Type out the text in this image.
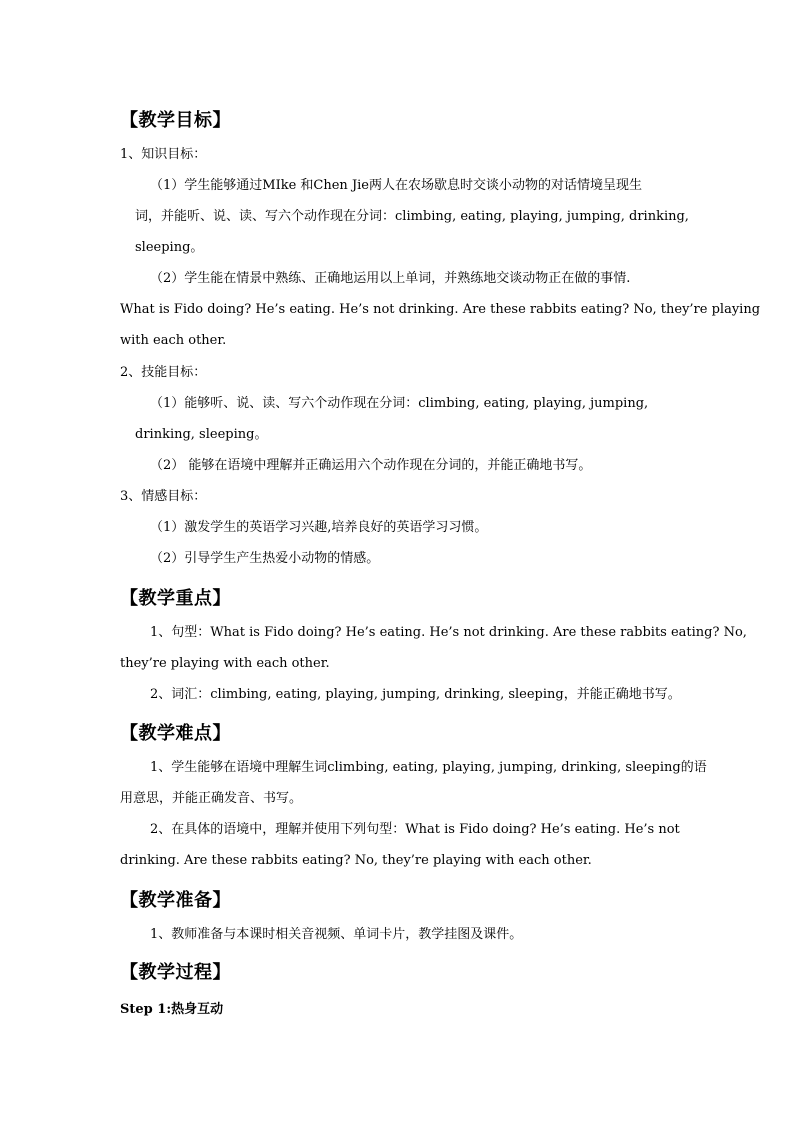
【教学目标】
1、知识目标：
（1）学生能够通过MIke 和Chen Jie两人在农场歇息时交谈小动物的对话情境呈现生
词，并能听、说、读、写六个动作现在分词：climbing, eating, playing, jumping, drinking,
sleeping。
（2）学生能在情景中熟练、正确地运用以上单词，并熟练地交谈动物正在做的事情.
What is Fido doing? He’s eating. He’s not drinking. Are these rabbits eating? No, they’re playing
with each other.
2、技能目标：
（1）能够听、说、读、写六个动作现在分词：climbing, eating, playing, jumping,
drinking, sleeping。
（2） 能够在语境中理解并正确运用六个动作现在分词的，并能正确地书写。
3、情感目标：
（1）激发学生的英语学习兴趣,培养良好的英语学习习惯。
（2）引导学生产生热爱小动物的情感。
【教学重点】
1、句型：What is Fido doing? He’s eating. He’s not drinking. Are these rabbits eating? No,
they’re playing with each other.
2、词汇：climbing, eating, playing, jumping, drinking, sleeping，并能正确地书写。
【教学难点】
1、学生能够在语境中理解生词climbing, eating, playing, jumping, drinking, sleeping的语
用意思，并能正确发音、书写。
2、在具体的语境中，理解并使用下列句型：What is Fido doing? He’s eating. He’s not
drinking. Are these rabbits eating? No, they’re playing with each other.
【教学准备】
1、教师准备与本课时相关音视频、单词卡片，教学挂图及课件。
【教学过程】
Step 1:热身互动
